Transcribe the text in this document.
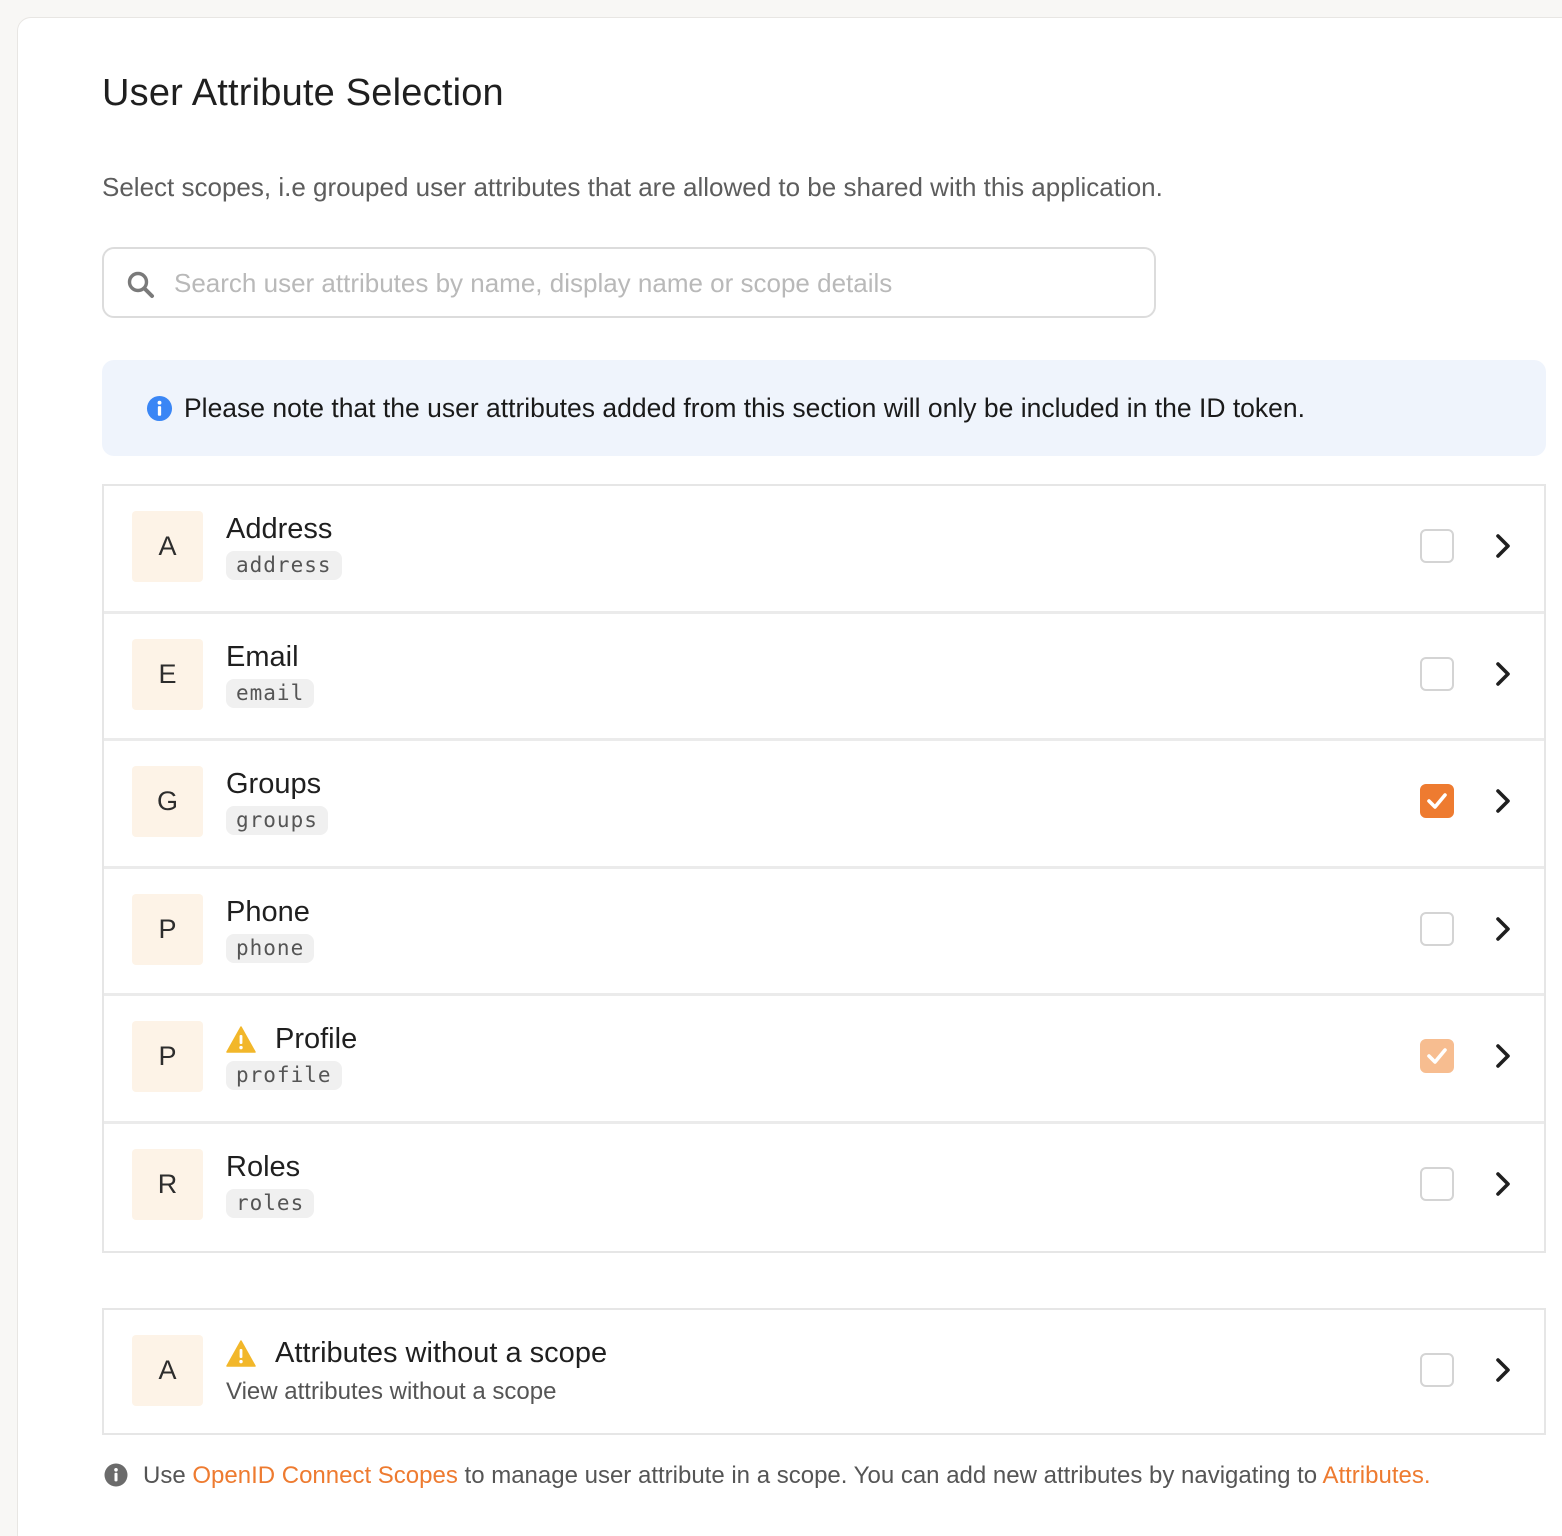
User Attribute Selection

Select scopes, i.e grouped user attributes that are allowed to be shared with this application.

Search user attributes by name, display name or scope details
Please note that the user attributes added from this section will only be included in the ID token.
A
Address
address
E
Email
email
G
Groups
groups
P
Phone
phone
P
Profile
profile
R
Roles
roles
A
Attributes without a scope
View attributes without a scope
Use OpenID Connect Scopes to manage user attribute in a scope. You can add new attributes by navigating to Attributes.
